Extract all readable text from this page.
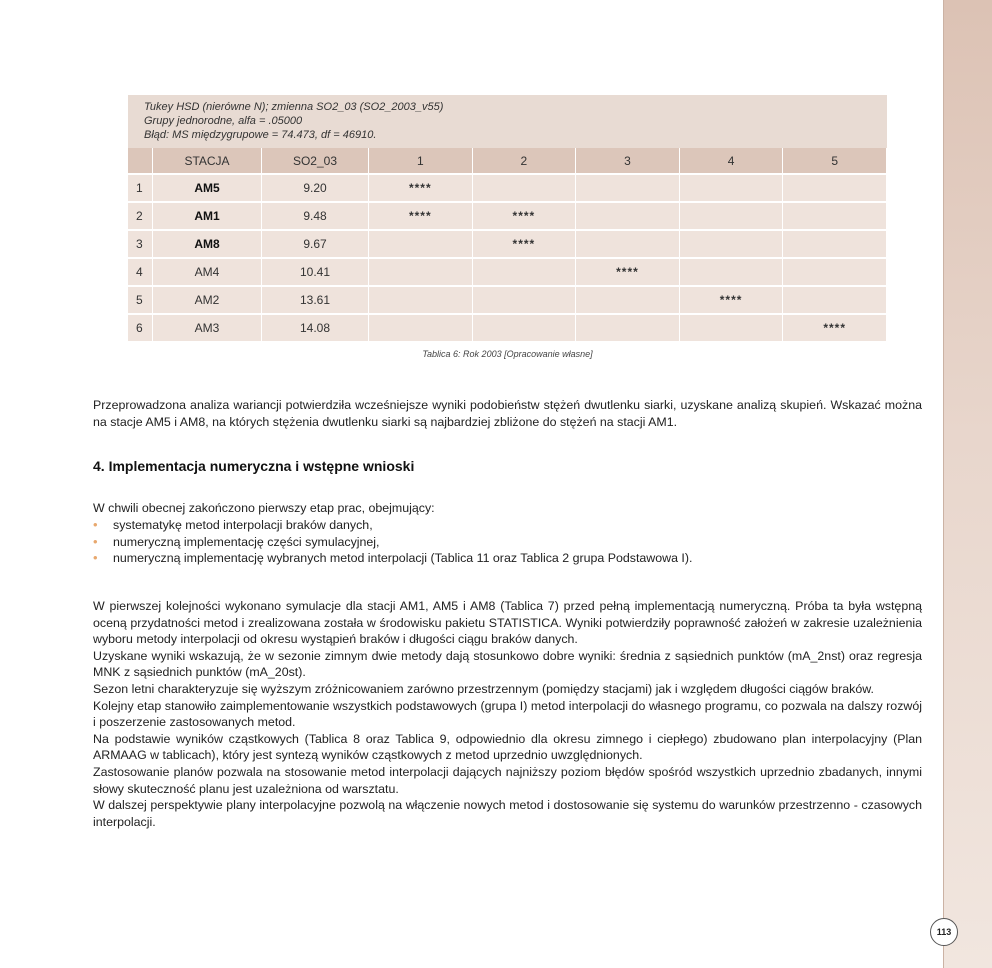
Tukey HSD (nierówne N); zmienna SO2_03 (SO2_2003_v55)
Grupy jednorodne, alfa = .05000
Błąd: MS międzygrupowe = 74.473, df = 46910.
	STACJA	SO2_03	1	2	3	4	5
1	AM5	9.20	****				
2	AM1	9.48	****	****			
3	AM8	9.67		****			
4	AM4	10.41			****		
5	AM2	13.61				****	
6	AM3	14.08					****
Tablica 6: Rok 2003 [Opracowanie własne]
Przeprowadzona analiza wariancji potwierdziła wcześniejsze wyniki podobieństw stężeń dwutlenku siarki, uzyskane analizą skupień. Wskazać można na stacje AM5 i AM8, na których stężenia dwutlenku siarki są najbardziej zbliżone do stężeń na stacji AM1.
4. Implementacja numeryczna i wstępne wnioski
W chwili obecnej zakończono pierwszy etap prac, obejmujący:
• systematykę metod interpolacji braków danych,
• numeryczną implementację części symulacyjnej,
• numeryczną implementację wybranych metod interpolacji (Tablica 11 oraz Tablica 2 grupa Podstawowa I).
W pierwszej kolejności wykonano symulacje dla stacji AM1, AM5 i AM8 (Tablica 7) przed pełną implementacją numeryczną. Próba ta była wstępną oceną przydatności metod i zrealizowana została w środowisku pakietu STATISTICA. Wyniki potwierdziły poprawność założeń w zakresie uzależnienia wyboru metody interpolacji od okresu wystąpień braków i długości ciągu braków danych.
Uzyskane wyniki wskazują, że w sezonie zimnym dwie metody dają stosunkowo dobre wyniki: średnia z sąsiednich punktów (mA_2nst) oraz regresja MNK z sąsiednich punktów (mA_20st).
Sezon letni charakteryzuje się wyższym zróżnicowaniem zarówno przestrzennym (pomiędzy stacjami) jak i względem długości ciągów braków.
Kolejny etap stanowiło zaimplementowanie wszystkich podstawowych (grupa I) metod interpolacji do własnego programu, co pozwala na dalszy rozwój i poszerzenie zastosowanych metod.
Na podstawie wyników cząstkowych (Tablica 8 oraz Tablica 9, odpowiednio dla okresu zimnego i ciepłego) zbudowano plan interpolacyjny (Plan ARMAAG w tablicach), który jest syntezą wyników cząstkowych z metod uprzednio uwzględnionych.
Zastosowanie planów pozwala na stosowanie metod interpolacji dających najniższy poziom błędów spośród wszystkich uprzednio zbadanych, innymi słowy skuteczność planu jest uzależniona od warsztatu.
W dalszej perspektywie plany interpolacyjne pozwolą na włączenie nowych metod i dostosowanie się systemu do warunków przestrzenno - czasowych interpolacji.
113
